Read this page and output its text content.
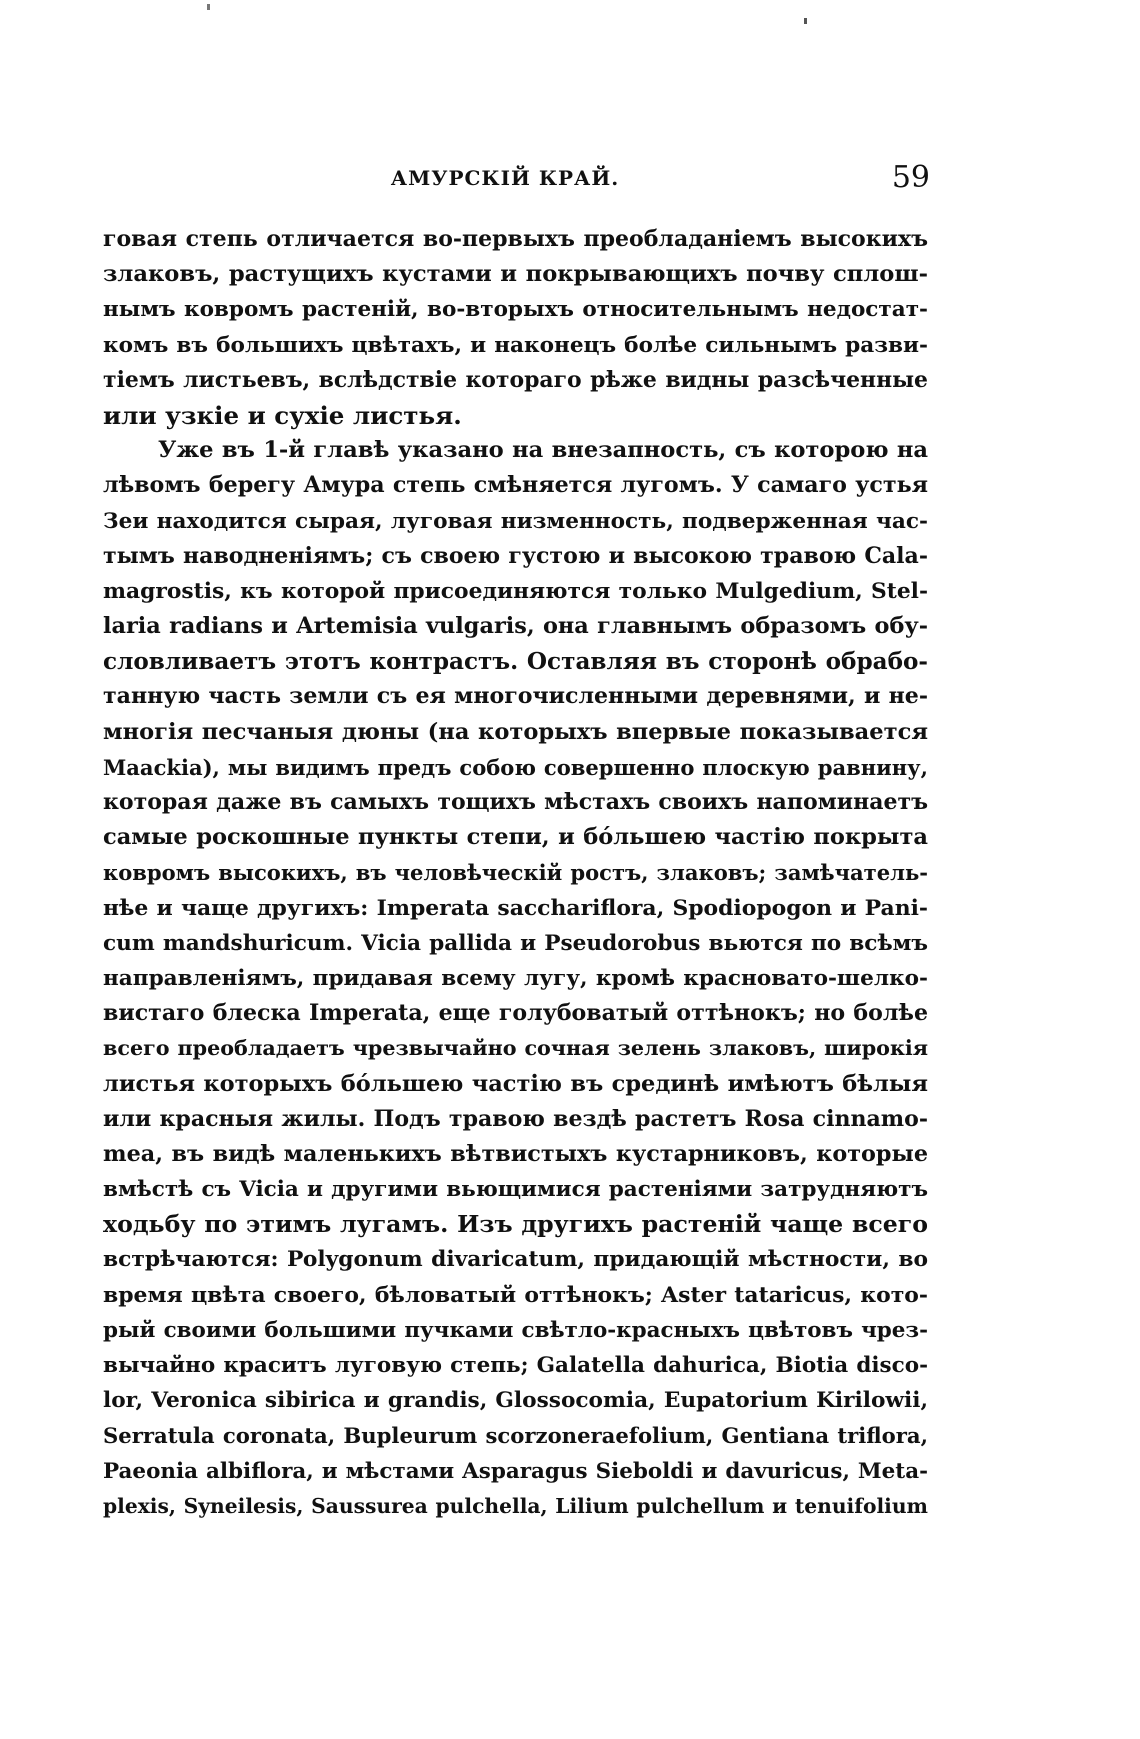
АМУРСКІЙ КРАЙ.	59
говая степь отличается во-первыхъ преобладаніемъ высокихъ
злаковъ, растущихъ кустами и покрывающихъ почву сплош-
нымъ ковромъ растеній, во-вторыхъ относительнымъ недостат-
комъ въ большихъ цвѣтахъ, и наконецъ болѣе сильнымъ разви-
тіемъ листьевъ, вслѣдствіе котораго рѣже видны разсѣченные
или узкіе и сухіе листья.
Уже въ 1-й главѣ указано на внезапность, съ которою на
лѣвомъ берегу Амура степь смѣняется лугомъ. У самаго устья
Зеи находится сырая, луговая низменность, подверженная час-
тымъ наводненіямъ; съ своею густою и высокою травою Cala-
magrostis, къ которой присоединяются только Mulgedium, Stel-
laria radians и Artemisia vulgaris, она главнымъ образомъ обу-
словливаетъ этотъ контрастъ. Оставляя въ сторонѣ обрабо-
танную часть земли съ ея многочисленными деревнями, и не-
многія песчаныя дюны (на которыхъ впервые показывается
Maackia), мы видимъ предъ собою совершенно плоскую равнину,
которая даже въ самыхъ тощихъ мѣстахъ своихъ напоминаетъ
самые роскошные пункты степи, и бóльшею частію покрыта
ковромъ высокихъ, въ человѣческій ростъ, злаковъ; замѣчатель-
нѣе и чаще другихъ: Imperata sacchariflora, Spodiopogon и Pani-
cum mandshuricum. Vicia pallida и Pseudorobus вьются по всѣмъ
направленіямъ, придавая всему лугу, кромѣ красновато-шелко-
вистаго блеска Imperata, еще голубоватый оттѣнокъ; но болѣе
всего преобладаетъ чрезвычайно сочная зелень злаковъ, широкія
листья которыхъ бóльшею частію въ срединѣ имѣютъ бѣлыя
или красныя жилы. Подъ травою вездѣ растетъ Rosa cinnamo-
mea, въ видѣ маленькихъ вѣтвистыхъ кустарниковъ, которые
вмѣстѣ съ Vicia и другими вьющимися растеніями затрудняютъ
ходьбу по этимъ лугамъ. Изъ другихъ растеній чаще всего
встрѣчаются: Polygonum divaricatum, придающій мѣстности, во
время цвѣта своего, бѣловатый оттѣнокъ; Aster tataricus, кото-
рый своими большими пучками свѣтло-красныхъ цвѣтовъ чрез-
вычайно краситъ луговую степь; Galatella dahurica, Biotia disco-
lor, Veronica sibirica и grandis, Glossocomia, Eupatorium Kirilowii,
Serratula coronata, Bupleurum scorzoneraefolium, Gentiana triflora,
Paeonia albiflora, и мѣстами Asparagus Sieboldi и davuricus, Meta-
plexis, Syneilesis, Saussurea pulchella, Lilium pulchellum и tenuifolium
